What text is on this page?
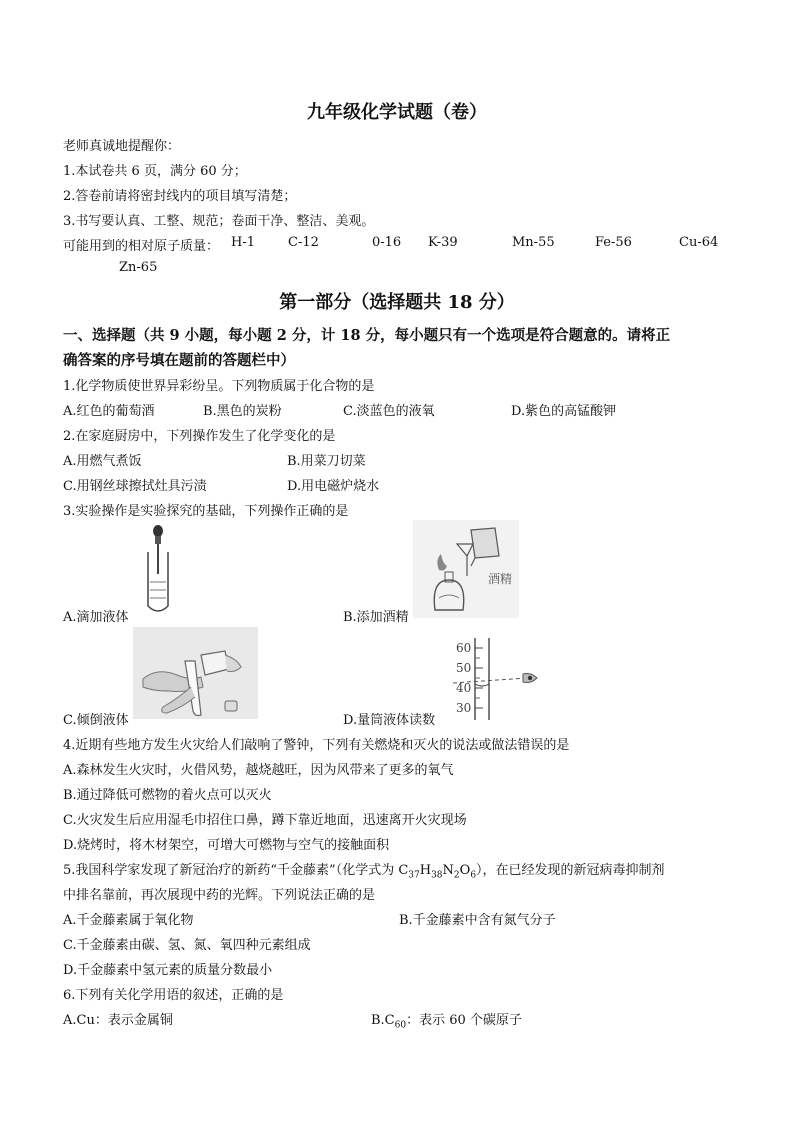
九年级化学试题（卷）
老师真诚地提醒你：
1.本试卷共 6 页，满分 60 分；
2.答卷前请将密封线内的项目填写清楚；
3.书写要认真、工整、规范；卷面干净、整洁、美观。
可能用到的相对原子质量： H-1	C-12	0-16 K-39	Mn-55	Fe-56	Cu-64
Zn-65
第一部分（选择题共 18 分）
一、选择题（共 9 小题，每小题 2 分，计 18 分，每小题只有一个选项是符合题意的。请将正
确答案的序号填在题前的答题栏中）
1.化学物质使世界异彩纷呈。下列物质属于化合物的是
A.红色的葡萄酒	B.黑色的炭粉	C.淡蓝色的液氧	D.紫色的高锰酸钾
2.在家庭厨房中，下列操作发生了化学变化的是
A.用燃气煮饭	B.用菜刀切菜
C.用钢丝球擦拭灶具污渍	D.用电磁炉烧水
3.实验操作是实验探究的基础，下列操作正确的是
A.滴加液体
酒精
B.添加酒精
C.倾倒液体
60
50
40
30
D.量筒液体读数
4.近期有些地方发生火灾给人们敲响了警钟，下列有关燃烧和灭火的说法或做法错误的是
A.森林发生火灾时，火借风势，越烧越旺，因为风带来了更多的氧气
B.通过降低可燃物的着火点可以灭火
C.火灾发生后应用湿毛巾招住口鼻，蹲下靠近地面，迅速离开火灾现场
D.烧烤时，将木材架空，可增大可燃物与空气的接触面积
5.我国科学家发现了新冠治疗的新药“千金藤素”（化学式为 $C_{37}H_{38}N_2O_6$），在已经发现的新冠病毒抑制剂
中排名靠前，再次展现中药的光辉。下列说法正确的是
A.千金藤素属于氧化物	B.千金藤素中含有氮气分子
C.千金藤素由碳、氢、氮、氧四种元素组成
D.千金藤素中氢元素的质量分数最小
6.下列有关化学用语的叙述，正确的是
A.Cu：表示金属铜	$B.C_{60}$：表示 60 个碳原子
